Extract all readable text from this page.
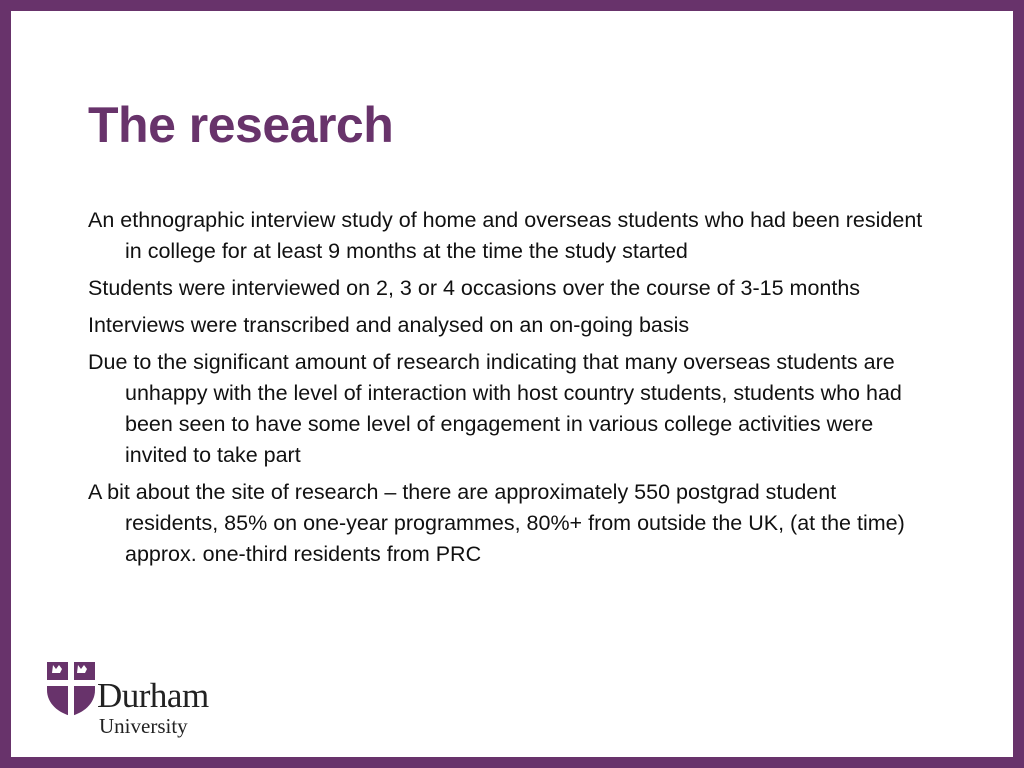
The research
An ethnographic interview study of home and overseas students who had been resident in college for at least 9 months at the time the study started
Students were interviewed on 2, 3 or 4 occasions over the course of 3-15 months
Interviews were transcribed and analysed on an on-going basis
Due to the significant amount of research indicating that many overseas students are unhappy with the level of interaction with host country students, students who had been seen to have some level of engagement in various college activities were invited to take part
A bit about the site of research – there are approximately 550 postgrad student residents, 85% on one-year programmes, 80%+ from outside the UK, (at the time) approx. one-third residents from PRC
Durham
University
